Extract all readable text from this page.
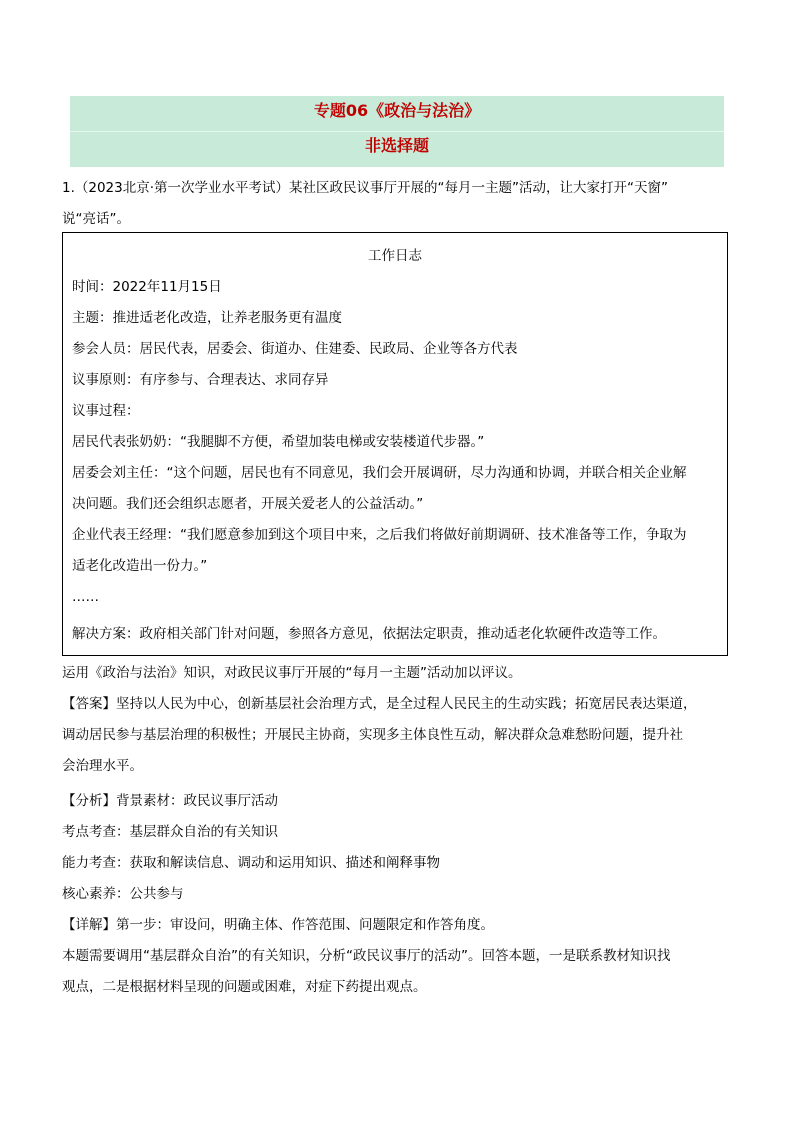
专题06《政治与法治》
非选择题
1.（2023北京·第一次学业水平考试）某社区政民议事厅开展的“每月一主题”活动，让大家打开“天窗”
说“亮话”。
工作日志
时间：2022年11月15日
主题：推进适老化改造，让养老服务更有温度
参会人员：居民代表，居委会、街道办、住建委、民政局、企业等各方代表
议事原则：有序参与、合理表达、求同存异
议事过程：
居民代表张奶奶：“我腿脚不方便，希望加装电梯或安装楼道代步器。”
居委会刘主任：“这个问题，居民也有不同意见，我们会开展调研，尽力沟通和协调，并联合相关企业解
决问题。我们还会组织志愿者，开展关爱老人的公益活动。”
企业代表王经理：“我们愿意参加到这个项目中来，之后我们将做好前期调研、技术准备等工作，争取为
适老化改造出一份力。”
……
解决方案：政府相关部门针对问题，参照各方意见，依据法定职责，推动适老化软硬件改造等工作。
运用《政治与法治》知识，对政民议事厅开展的“每月一主题”活动加以评议。
【答案】坚持以人民为中心，创新基层社会治理方式，是全过程人民民主的生动实践；拓宽居民表达渠道，
调动居民参与基层治理的积极性；开展民主协商，实现多主体良性互动，解决群众急难愁盼问题，提升社
会治理水平。
【分析】背景素材：政民议事厅活动
考点考查：基层群众自治的有关知识
能力考查：获取和解读信息、调动和运用知识、描述和阐释事物
核心素养：公共参与
【详解】第一步：审设问，明确主体、作答范围、问题限定和作答角度。
本题需要调用“基层群众自治”的有关知识，分析“政民议事厅的活动”。回答本题，一是联系教材知识找
观点，二是根据材料呈现的问题或困难，对症下药提出观点。
